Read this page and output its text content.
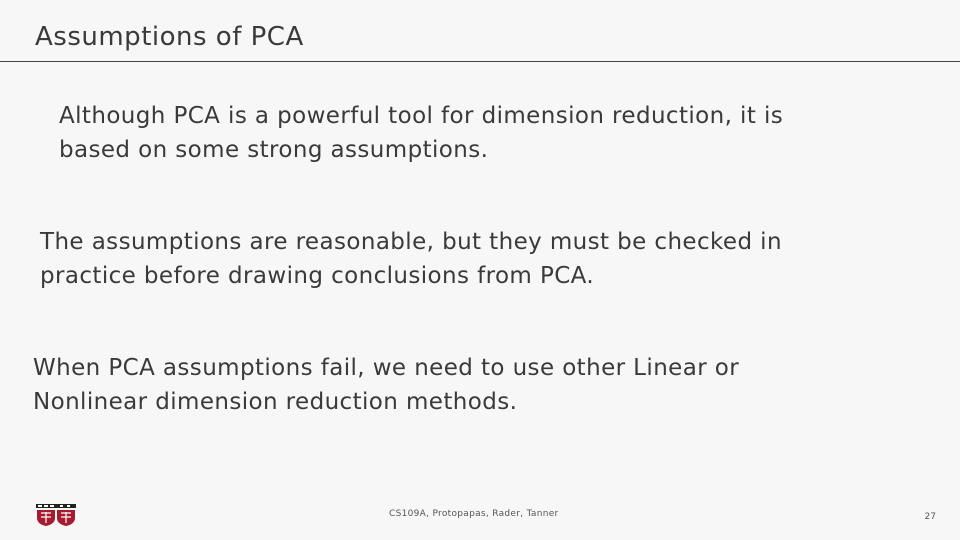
Assumptions of PCA

Although PCA is a powerful tool for dimension reduction, it is
based on some strong assumptions.

The assumptions are reasonable, but they must be checked in
practice before drawing conclusions from PCA.

When PCA assumptions fail, we need to use other Linear or
Nonlinear dimension reduction methods.

CS109A, Protopapas, Rader, Tanner	27
